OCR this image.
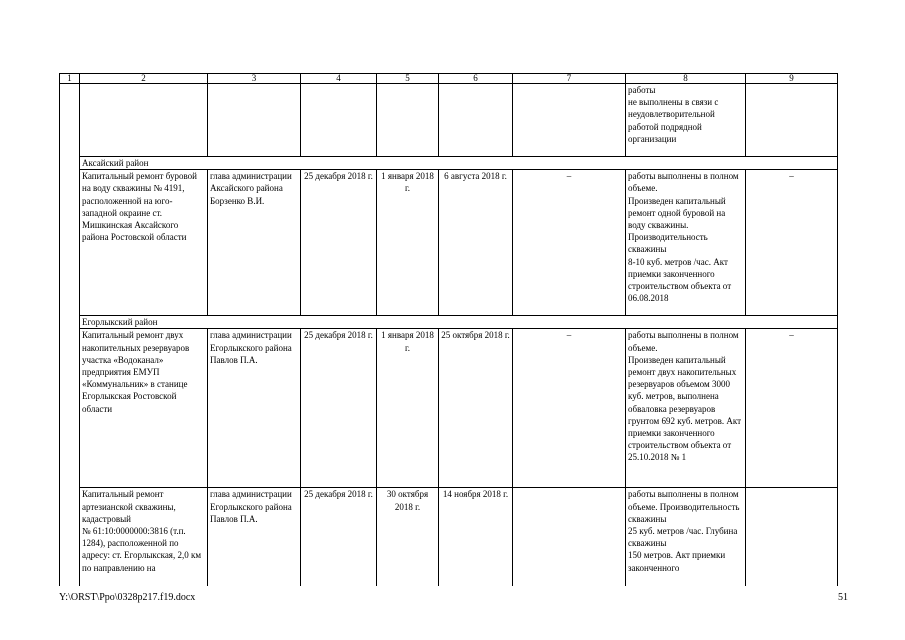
1	2	3	4	5	6	7	8	9
							работы
не выполнены в связи с неудовлетворительной работой подрядной организации	
	Аксайский район							
	Капитальный ремонт буровой на воду скважины № 4191, расположенной на юго-западной окраине ст. Мишкинская Аксайского района Ростовской области	глава администрации Аксайского района
Борзенко В.И.	25 декабря 2018 г.	1 января 2018 г.	6 августа 2018 г.	–	работы выполнены в полном объеме.
Произведен капитальный ремонт одной буровой на воду скважины. Производительность скважины
8-10 куб. метров /час. Акт приемки законченного строительством объекта от 06.08.2018	–
	Егорлыкский район							
	Капитальный ремонт двух накопительных резервуаров участка «Водоканал» предприятия ЕМУП «Коммунальник» в станице Егорлыкская Ростовской области	глава администрации Егорлыкского района
Павлов П.А.	25 декабря 2018 г.	1 января 2018 г.	25 октября 2018 г.	–	работы выполнены в полном объеме.
Произведен капитальный ремонт двух накопительных резервуаров объемом 3000 куб. метров, выполнена обваловка резервуаров грунтом 692 куб. метров. Акт приемки законченного строительством объекта от 25.10.2018 № 1	–
	Капитальный ремонт артезианской скважины, кадастровый
№ 61:10:0000000:3816 (т.п. 1284), расположенной по адресу: ст. Егорлыкская, 2,0 км по направлению на	глава администрации Егорлыкского района
Павлов П.А.	25 декабря 2018 г.	30 октября 2018 г.	14 ноября 2018 г.		работы выполнены в полном объеме. Производительность скважины
25 куб. метров /час. Глубина скважины
150 метров. Акт приемки законченного	
Y:\ORST\Ppo\0328p217.f19.docx	51
